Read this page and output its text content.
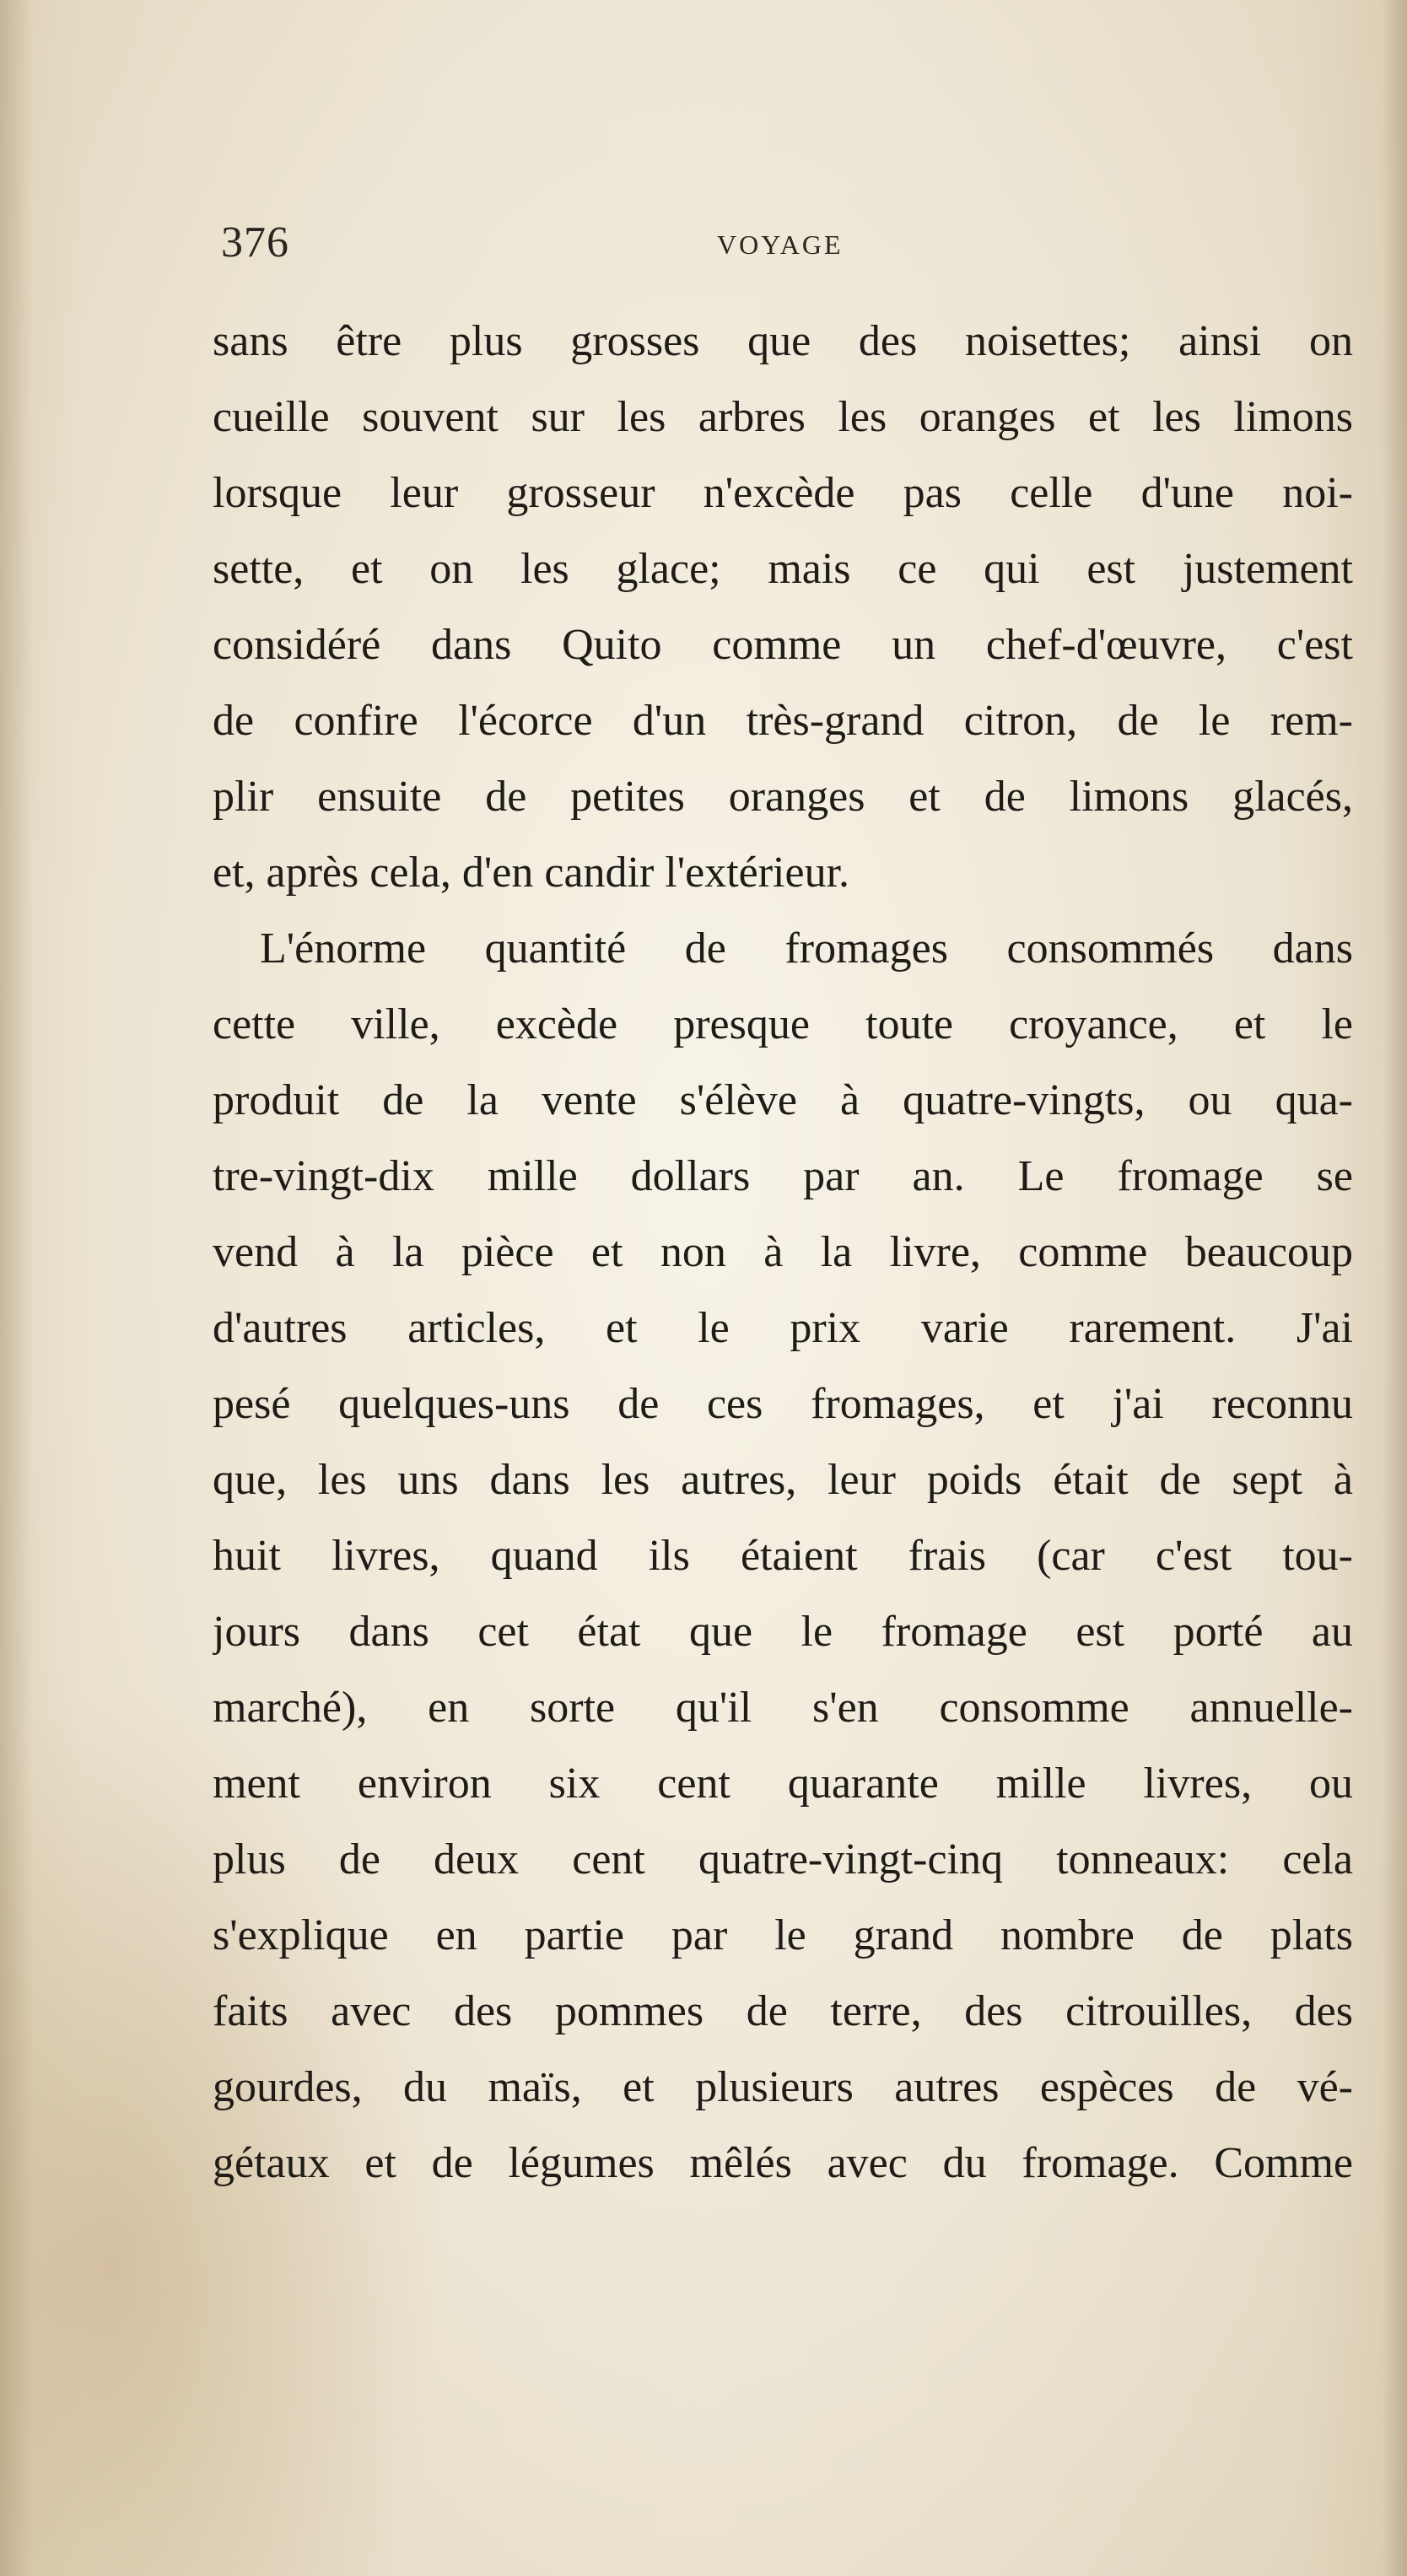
376	VOYAGE
sans être plus grosses que des noisettes; ainsi on
cueille souvent sur les arbres les oranges et les limons
lorsque leur grosseur n'excède pas celle d'une noi-
sette, et on les glace; mais ce qui est justement
considéré dans Quito comme un chef-d'œuvre, c'est
de confire l'écorce d'un très-grand citron, de le rem-
plir ensuite de petites oranges et de limons glacés,
et, après cela, d'en candir l'extérieur.
L'énorme quantité de fromages consommés dans
cette ville, excède presque toute croyance, et le
produit de la vente s'élève à quatre-vingts, ou qua-
tre-vingt-dix mille dollars par an. Le fromage se
vend à la pièce et non à la livre, comme beaucoup
d'autres articles, et le prix varie rarement. J'ai
pesé quelques-uns de ces fromages, et j'ai reconnu
que, les uns dans les autres, leur poids était de sept à
huit livres, quand ils étaient frais (car c'est tou-
jours dans cet état que le fromage est porté au
marché), en sorte qu'il s'en consomme annuelle-
ment environ six cent quarante mille livres, ou
plus de deux cent quatre-vingt-cinq tonneaux: cela
s'explique en partie par le grand nombre de plats
faits avec des pommes de terre, des citrouilles, des
gourdes, du maïs, et plusieurs autres espèces de vé-
gétaux et de légumes mêlés avec du fromage. Comme
